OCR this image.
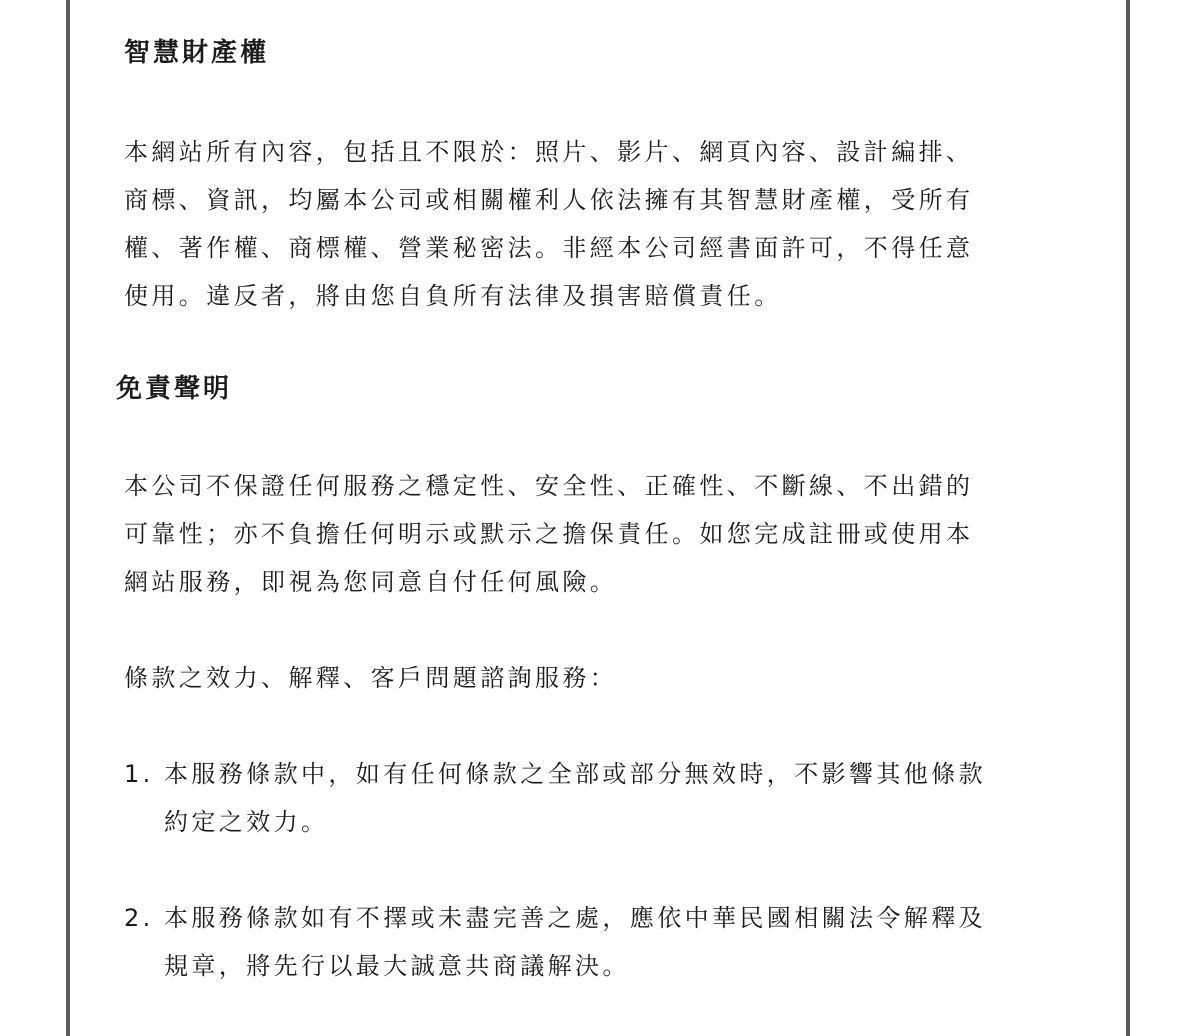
智慧財產權

本網站所有內容，包括且不限於：照片、影片、網頁內容、設計編排、
商標、資訊，均屬本公司或相關權利人依法擁有其智慧財產權，受所有
權、著作權、商標權、營業秘密法。非經本公司經書面許可，不得任意
使用。違反者，將由您自負所有法律及損害賠償責任。

免責聲明

本公司不保證任何服務之穩定性、安全性、正確性、不斷線、不出錯的
可靠性；亦不負擔任何明示或默示之擔保責任。如您完成註冊或使用本
網站服務，即視為您同意自付任何風險。

條款之效力、解釋、客戶問題諮詢服務：

1. 本服務條款中，如有任何條款之全部或部分無效時，不影響其他條款
約定之效力。
2. 本服務條款如有不擇或未盡完善之處，應依中華民國相關法令解釋及
規章，將先行以最大誠意共商議解決。
